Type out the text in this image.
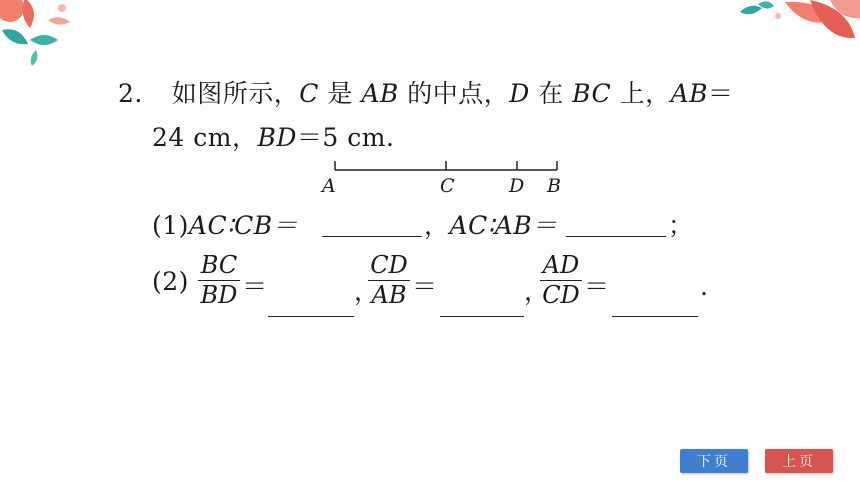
2. 如图所示，C 是 AB 的中点，D 在 BC 上，AB＝
24 cm，BD＝5 cm.
A	C	D B
(1)AC∶CB＝	，AC∶AB＝	；
(2)
BC
BD ＝	，
CD
AB ＝	，
AD
CD ＝	.
下页	上页
